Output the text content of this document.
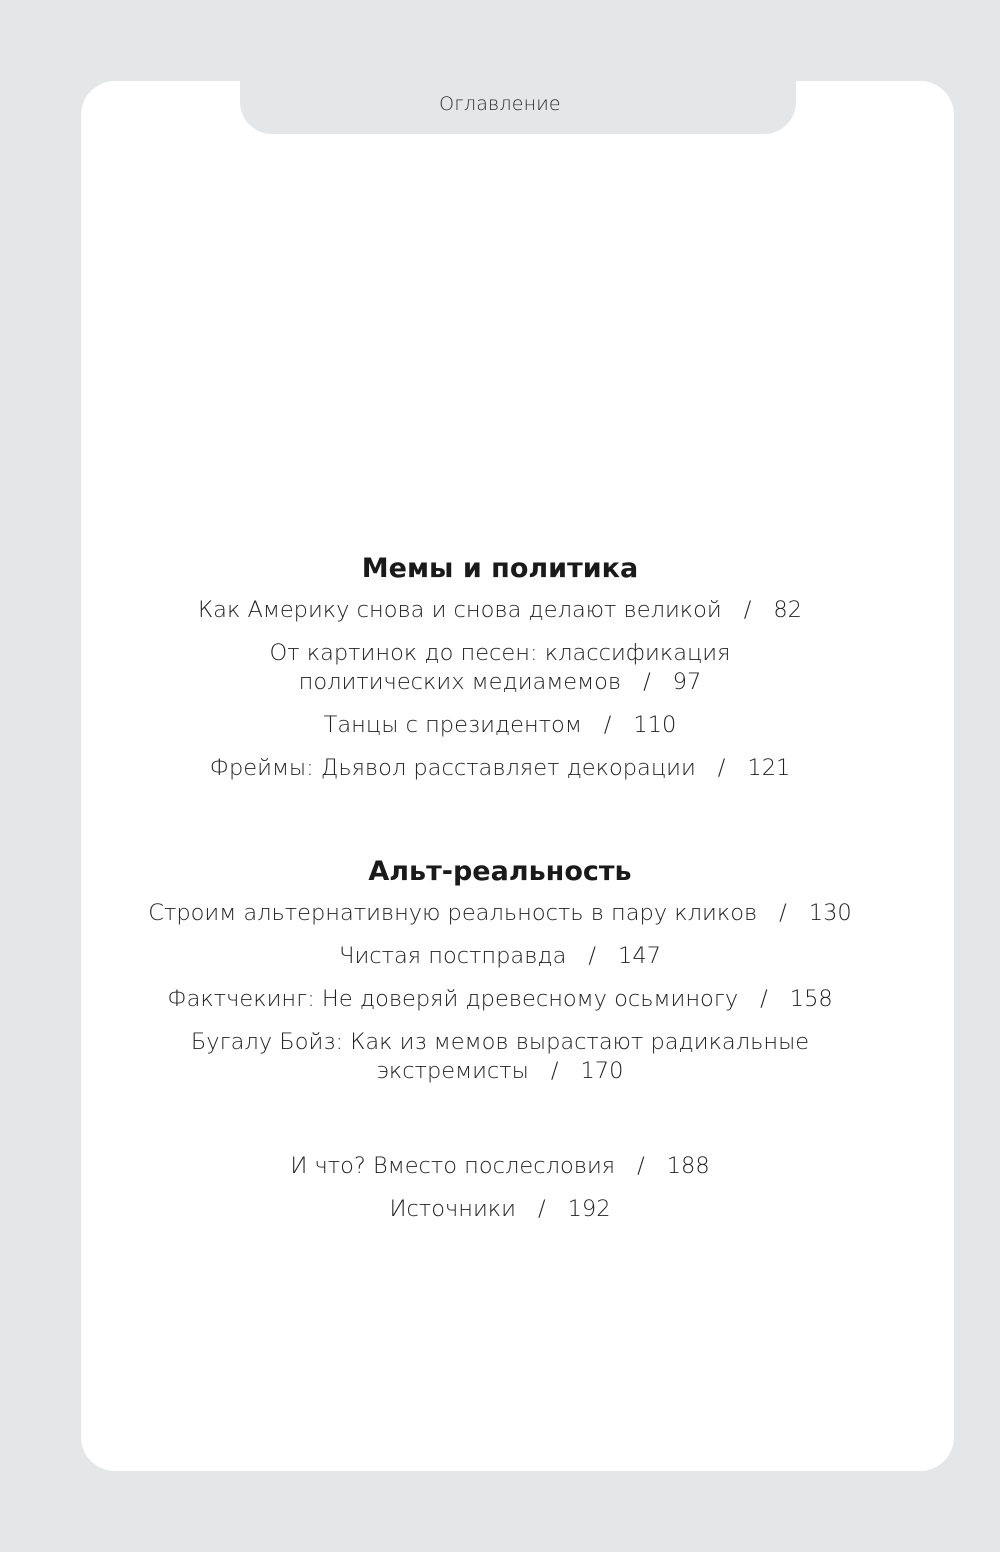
Оглавление
Мемы и политика
Как Америку снова и снова делают великой / 82
От картинок до песен: классификация
политических медиамемов / 97
Танцы с президентом / 110
Фреймы: Дьявол расставляет декорации / 121
Альт-реальность
Строим альтернативную реальность в пару кликов / 130
Чистая постправда / 147
Фактчекинг: Не доверяй древесному осьминогу / 158
Бугалу Бойз: Как из мемов вырастают радикальные
экстремисты / 170
И что? Вместо послесловия / 188
Источники / 192
